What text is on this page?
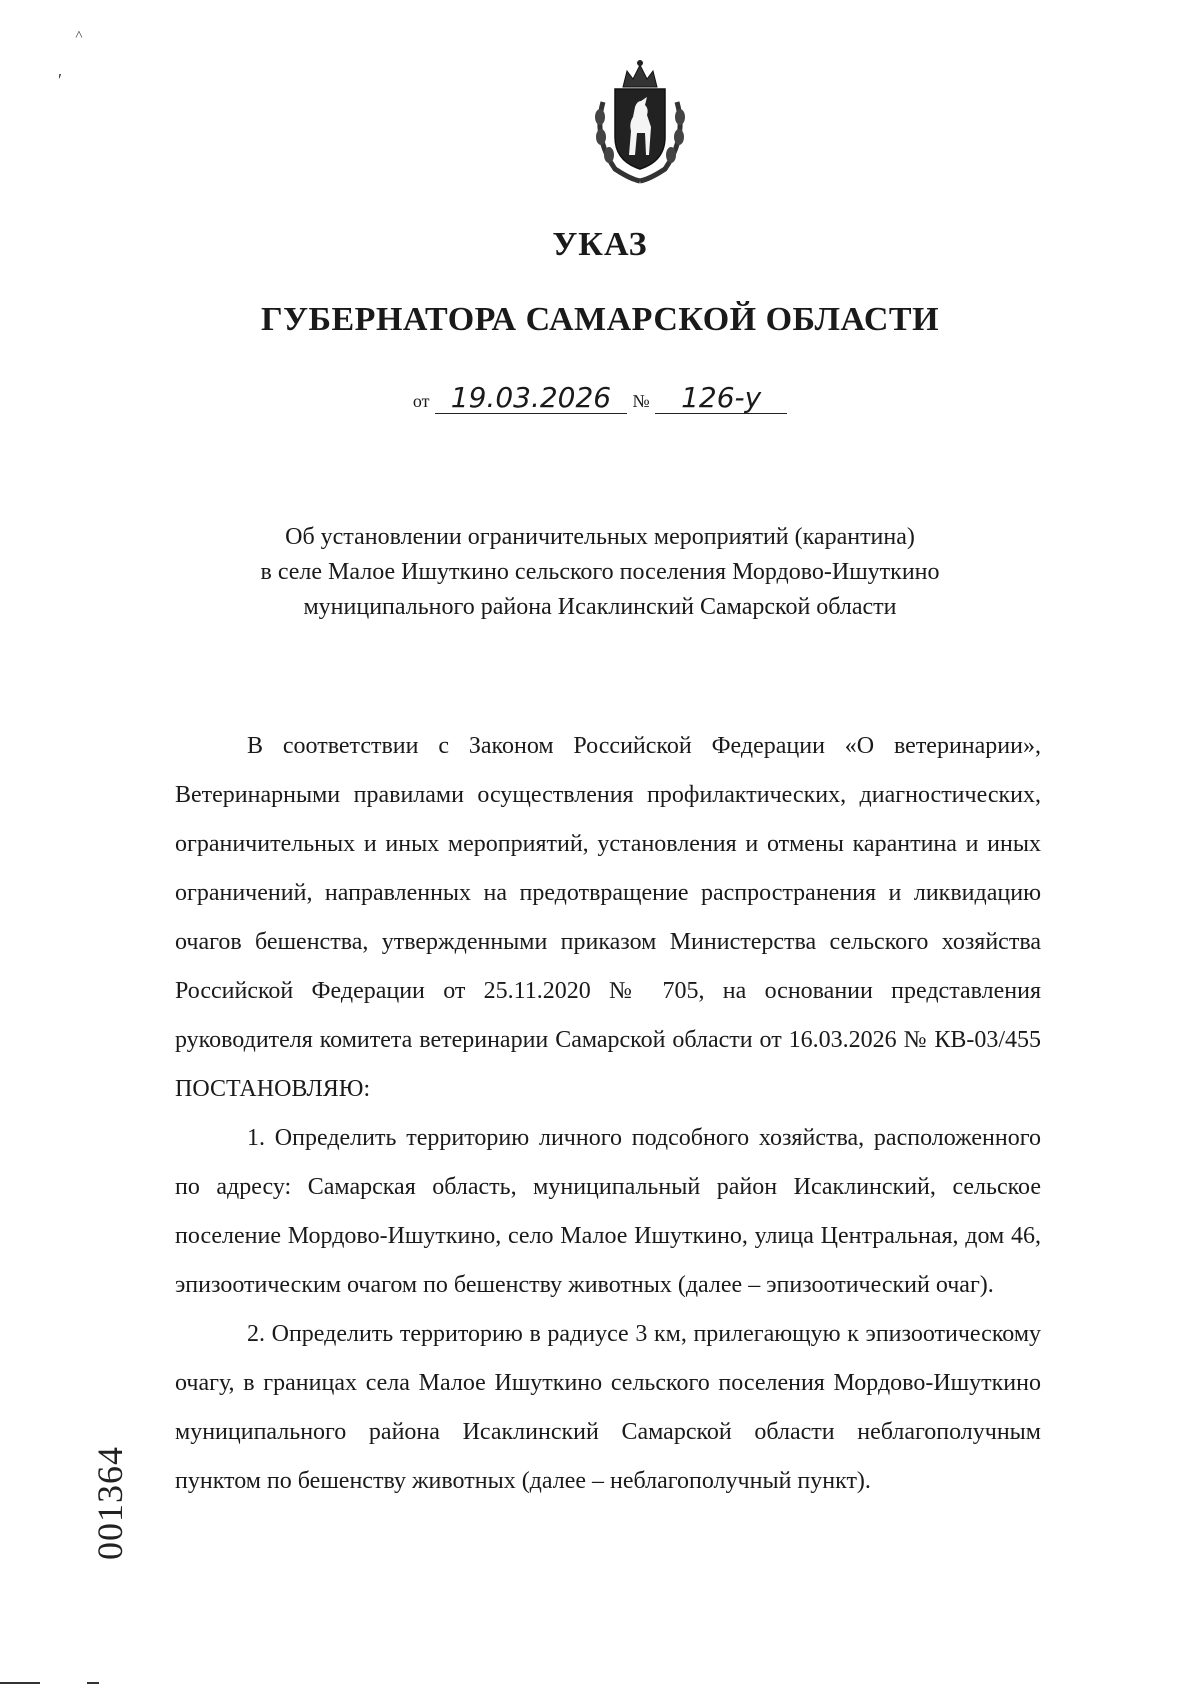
˄
′
УКАЗ
ГУБЕРНАТОРА САМАРСКОЙ ОБЛАСТИ
от 19.03.2026 № 126-у
Об установлении ограничительных мероприятий (карантина)
в селе Малое Ишуткино сельского поселения Мордово-Ишуткино
муниципального района Исаклинский Самарской области

В соответствии с Законом Российской Федерации «О ветеринарии», Ветеринарными правилами осуществления профилактических, диагностических, ограничительных и иных мероприятий, установления и отмены карантина и иных ограничений, направленных на предотвращение распространения и ликвидацию очагов бешенства, утвержденными приказом Министерства сельского хозяйства Российской Федерации от 25.11.2020 № 705, на основании представления руководителя комитета ветеринарии Самарской области от 16.03.2026 № КВ-03/455 ПОСТАНОВЛЯЮ:

1. Определить территорию личного подсобного хозяйства, расположенного по адресу: Самарская область, муниципальный район Исаклинский, сельское поселение Мордово-Ишуткино, село Малое Ишуткино, улица Центральная, дом 46, эпизоотическим очагом по бешенству животных (далее – эпизоотический очаг).

2. Определить территорию в радиусе 3 км, прилегающую к эпизоотическому очагу, в границах села Малое Ишуткино сельского поселения Мордово-Ишуткино муниципального района Исаклинский Самарской области неблагополучным пунктом по бешенству животных (далее – неблагополучный пункт).

001364
